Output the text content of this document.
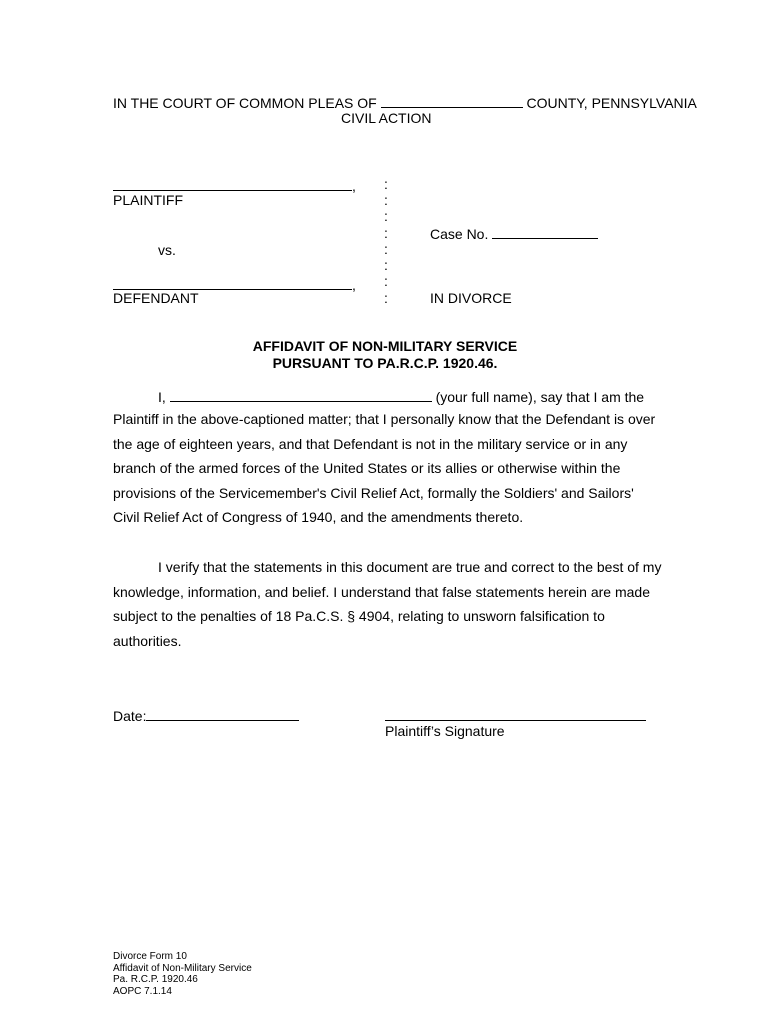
IN THE COURT OF COMMON PLEAS OF	COUNTY, PENNSYLVANIA
CIVIL ACTION
,
PLAINTIFF
vs.
,
DEFENDANT
:
:
:
:
:
:
:
:
Case No.
IN DIVORCE
AFFIDAVIT OF NON-MILITARY SERVICE
PURSUANT TO PA.R.C.P. 1920.46.
I,	(your full name), say that I am the
Plaintiff in the above-captioned matter; that I personally know that the Defendant is over
the age of eighteen years, and that Defendant is not in the military service or in any
branch of the armed forces of the United States or its allies or otherwise within the
provisions of the Servicemember's Civil Relief Act, formally the Soldiers' and Sailors'
Civil Relief Act of Congress of 1940, and the amendments thereto.
I verify that the statements in this document are true and correct to the best of my
knowledge, information, and belief. I understand that false statements herein are made
subject to the penalties of 18 Pa.C.S. § 4904, relating to unsworn falsification to
authorities.
Date:
Plaintiff’s Signature
Divorce Form 10
Affidavit of Non-Military Service
Pa. R.C.P. 1920.46
AOPC 7.1.14
